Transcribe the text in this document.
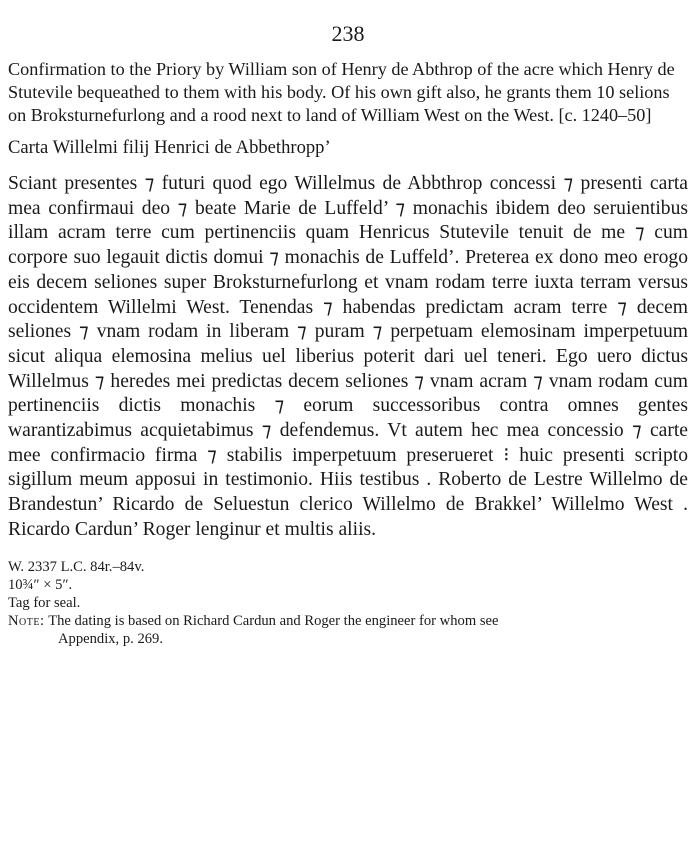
238

Confirmation to the Priory by William son of Henry de Abthrop of the acre which Henry de Stutevile bequeathed to them with his body. Of his own gift also, he grants them 10 selions on Broksturnefurlong and a rood next to land of William West on the West. [c. 1240–50]

Carta Willelmi filij Henrici de Abbethropp’

Sciant presentes ⁊ futuri quod ego Willelmus de Abbthrop concessi ⁊ presenti carta mea confirmaui deo ⁊ beate Marie de Luffeld’ ⁊ monachis ibidem deo seruientibus illam acram terre cum pertinenciis quam Henricus Stutevile tenuit de me ⁊ cum corpore suo legauit dictis domui ⁊ monachis de Luffeld’. Preterea ex dono meo erogo eis decem seliones super Broksturnefurlong et vnam rodam terre iuxta terram versus occidentem Willelmi West. Tenendas ⁊ habendas predictam acram terre ⁊ decem seliones ⁊ vnam rodam in liberam ⁊ puram ⁊ perpetuam elemosinam imperpetuum sicut aliqua elemosina melius uel liberius poterit dari uel teneri. Ego uero dictus Willelmus ⁊ heredes mei predictas decem seliones ⁊ vnam acram ⁊ vnam rodam cum pertinenciis dictis monachis ⁊ eorum successoribus contra omnes gentes warantizabimus acquietabimus ⁊ defendemus. Vt autem hec mea concessio ⁊ carte mee confirmacio firma ⁊ stabilis imperpetuum preserueret ⁝ huic presenti scripto sigillum meum apposui in testimonio. Hiis testibus . Roberto de Lestre Willelmo de Brandestun’ Ricardo de Seluestun clerico Willelmo de Brakkel’ Willelmo West . Ricardo Cardun’ Roger lenginur et multis aliis.

W. 2337 L.C. 84r.–84v.

10¾″ × 5″.

Tag for seal.

Note:
The dating is based on Richard Cardun and Roger the engineer for whom see

Appendix, p. 269.
